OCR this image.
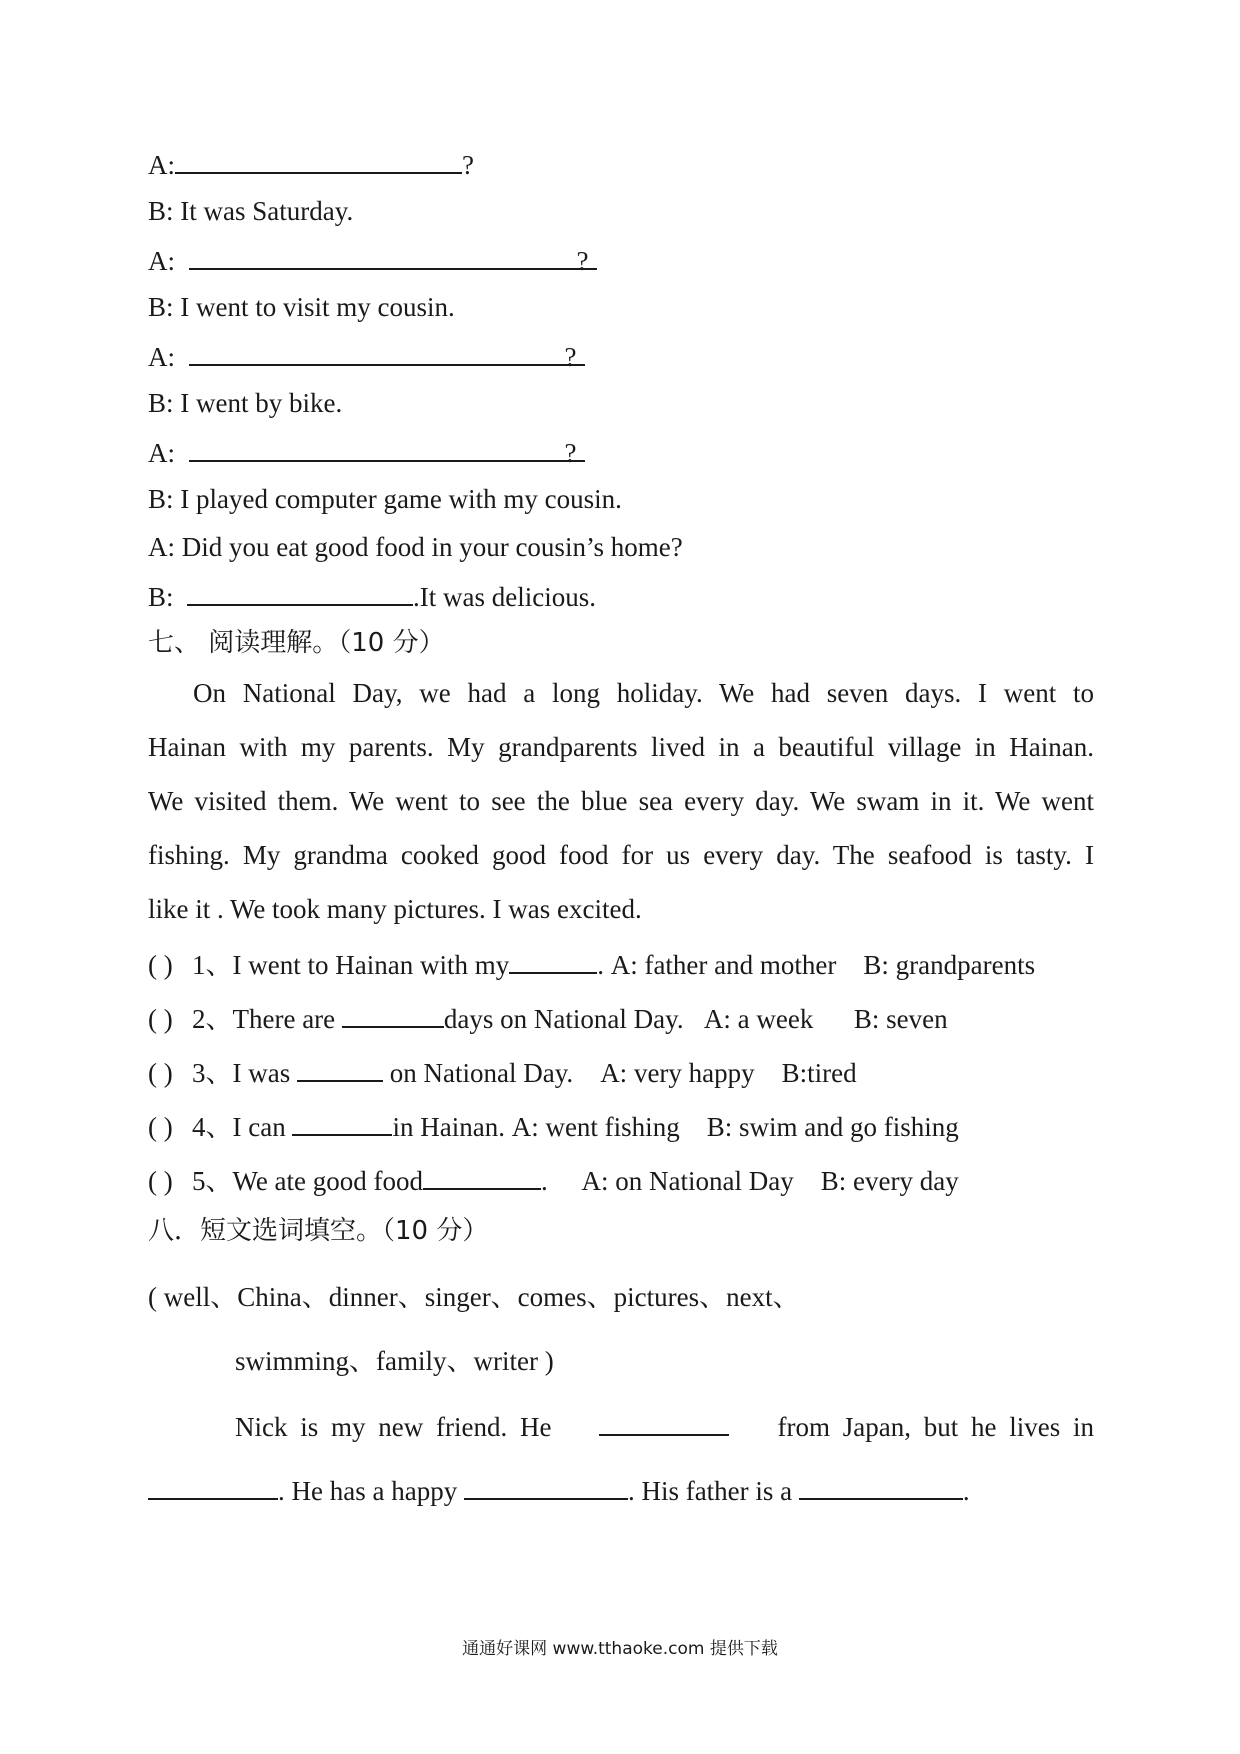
A:	?
B: It was Saturday.
A:	?
B: I went to visit my cousin.
A:	?
B: I went by bike.
A:	?
B: I played computer game with my cousin.
A: Did you eat good food in your cousin’s home?
B:	.It was delicious.
七、 阅读理解。（10 分）
On National Day, we had a long holiday. We had seven days. I went to
Hainan with my parents. My grandparents lived in a beautiful village in Hainan.
We visited them. We went to see the blue sea every day. We swam in it. We went
fishing. My grandma cooked good food for us every day. The seafood is tasty. I
like it . We took many pictures. I was excited.
( ) 1、I went to Hainan with my	. A: father and mother B: grandparents
( ) 2、There are	days on National Day. A: a week B: seven
( ) 3、I was	on National Day. A: very happy B:tired
( ) 4、I can	in Hainan. A: went fishing B: swim and go fishing
( ) 5、We ate good food	. A: on National Day B: every day
八．短文选词填空。（10 分）
( well、China、dinner、singer、comes、pictures、next、
swimming、family、writer )
Nick is my new friend. He	from Japan, but he lives in
. He has a happy	. His father is a	.
通通好课网 www.tthaoke.com 提供下载
